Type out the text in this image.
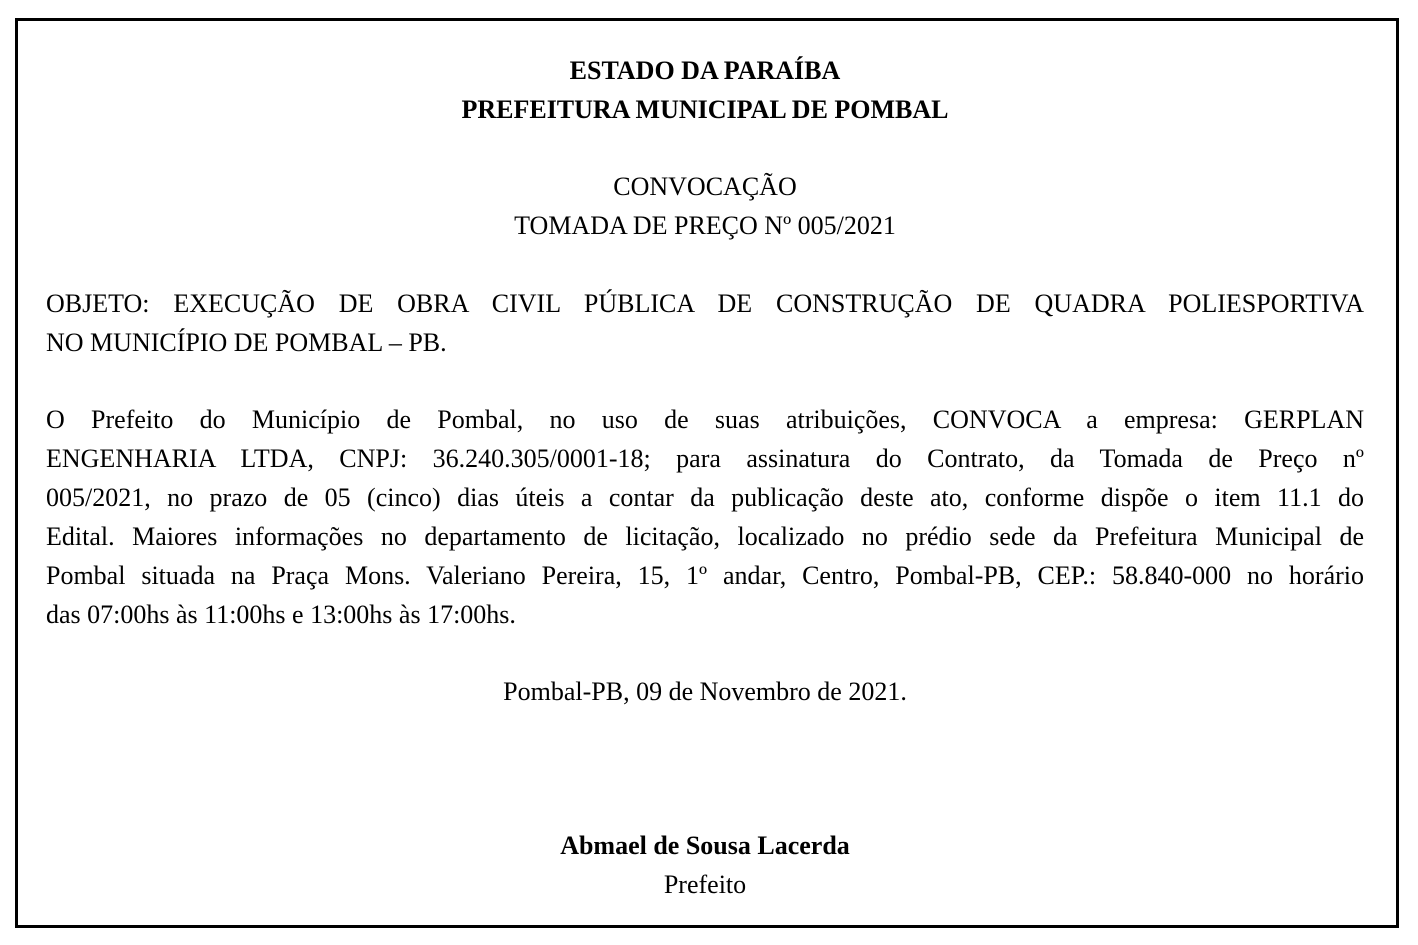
ESTADO DA PARAÍBA

PREFEITURA MUNICIPAL DE POMBAL

CONVOCAÇÃO

TOMADA DE PREÇO Nº 005/2021

OBJETO: EXECUÇÃO DE OBRA CIVIL PÚBLICA DE CONSTRUÇÃO DE QUADRA POLIESPORTIVA

NO MUNICÍPIO DE POMBAL – PB.

O Prefeito do Município de Pombal, no uso de suas atribuições, CONVOCA a empresa: GERPLAN

ENGENHARIA LTDA, CNPJ: 36.240.305/0001-18; para assinatura do Contrato, da Tomada de Preço nº

005/2021, no prazo de 05 (cinco) dias úteis a contar da publicação deste ato, conforme dispõe o item 11.1 do

Edital. Maiores informações no departamento de licitação, localizado no prédio sede da Prefeitura Municipal de

Pombal situada na Praça Mons. Valeriano Pereira, 15, 1º andar, Centro, Pombal-PB, CEP.: 58.840-000 no horário

das 07:00hs às 11:00hs e 13:00hs às 17:00hs.

Pombal-PB, 09 de Novembro de 2021.

Abmael de Sousa Lacerda

Prefeito
